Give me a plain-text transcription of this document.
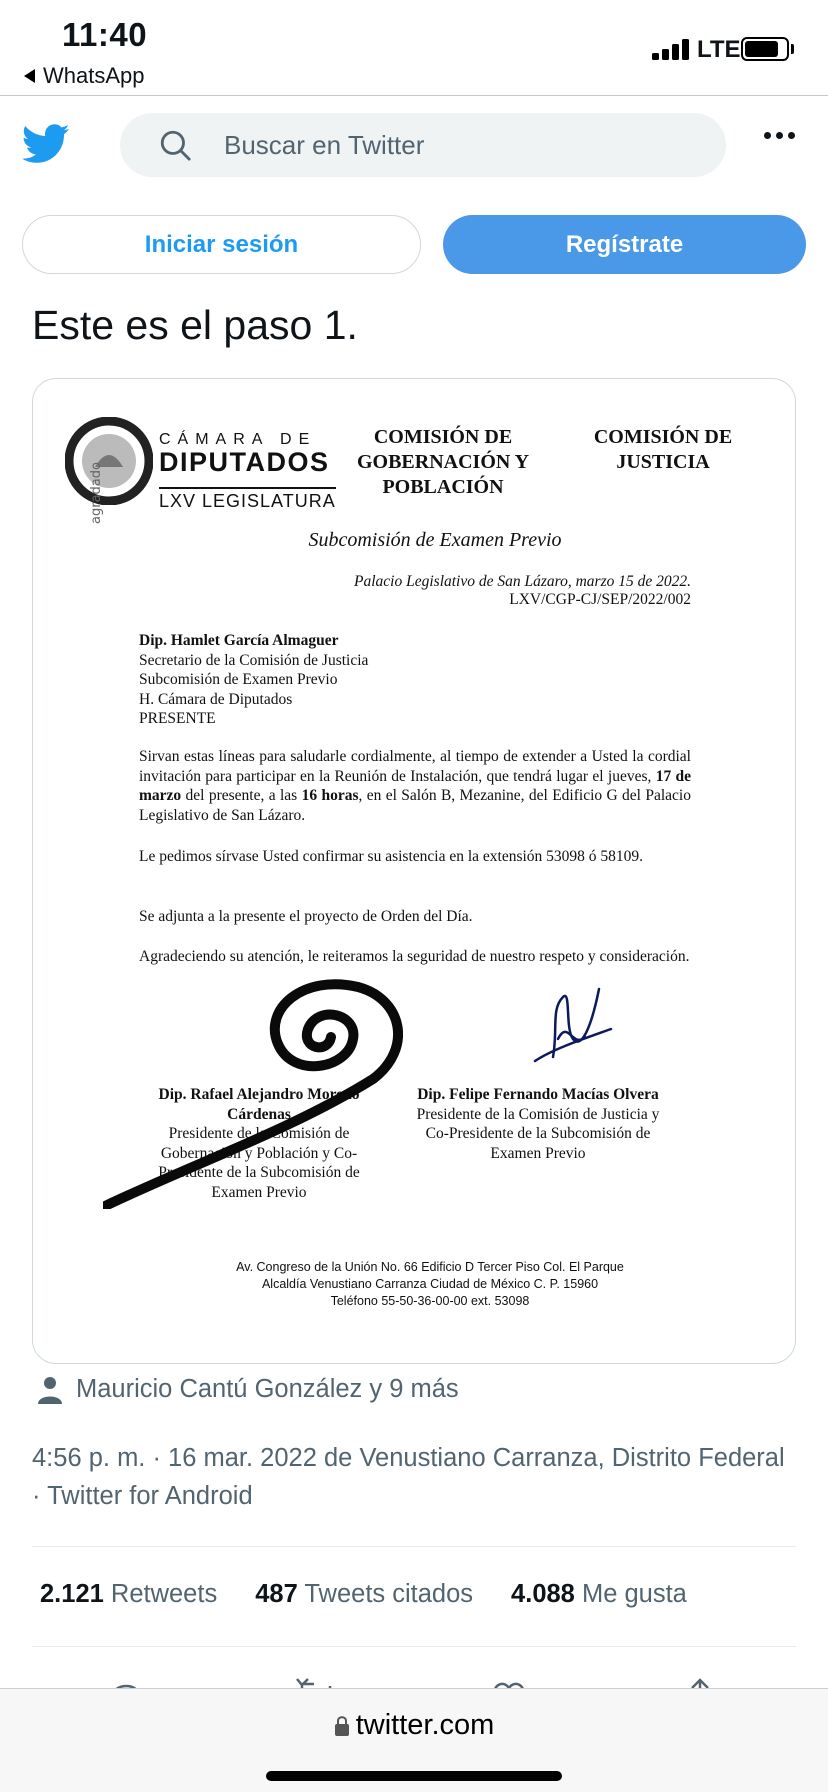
11:40
WhatsApp
LTE
Buscar en Twitter
Iniciar sesión	Regístrate
Este es el paso 1.
CÁMARA DE
DIPUTADOS
LXV LEGISLATURA
COMISIÓN DE GOBERNACIÓN Y POBLACIÓN
COMISIÓN DE JUSTICIA
agradado
Subcomisión de Examen Previo
Palacio Legislativo de San Lázaro, marzo 15 de 2022.
LXV/CGP-CJ/SEP/2022/002
Dip. Hamlet García Almaguer
Secretario de la Comisión de Justicia
Subcomisión de Examen Previo
H. Cámara de Diputados
PRESENTE
Sirvan estas líneas para saludarle cordialmente, al tiempo de extender a Usted la cordial invitación para participar en la Reunión de Instalación, que tendrá lugar el jueves, 17 de marzo del presente, a las 16 horas, en el Salón B, Mezanine, del Edificio G del Palacio Legislativo de San Lázaro.
Le pedimos sírvase Usted confirmar su asistencia en la extensión 53098 ó 58109.
Se adjunta a la presente el proyecto de Orden del Día.
Agradeciendo su atención, le reiteramos la seguridad de nuestro respeto y consideración.
Dip. Rafael Alejandro Moreno Cárdenas
Presidente de la Comisión de Gobernación y Población y Co-Presidente de la Subcomisión de Examen Previo
Dip. Felipe Fernando Macías Olvera
Presidente de la Comisión de Justicia y Co-Presidente de la Subcomisión de Examen Previo
Av. Congreso de la Unión No. 66 Edificio D Tercer Piso Col. El Parque
Alcaldía Venustiano Carranza Ciudad de México C. P. 15960
Teléfono 55-50-36-00-00 ext. 53098
Mauricio Cantú González y 9 más
4:56 p. m. · 16 mar. 2022 de Venustiano Carranza, Distrito Federal · Twitter for Android
2.121 Retweets 487 Tweets citados 4.088 Me gusta
twitter.com
